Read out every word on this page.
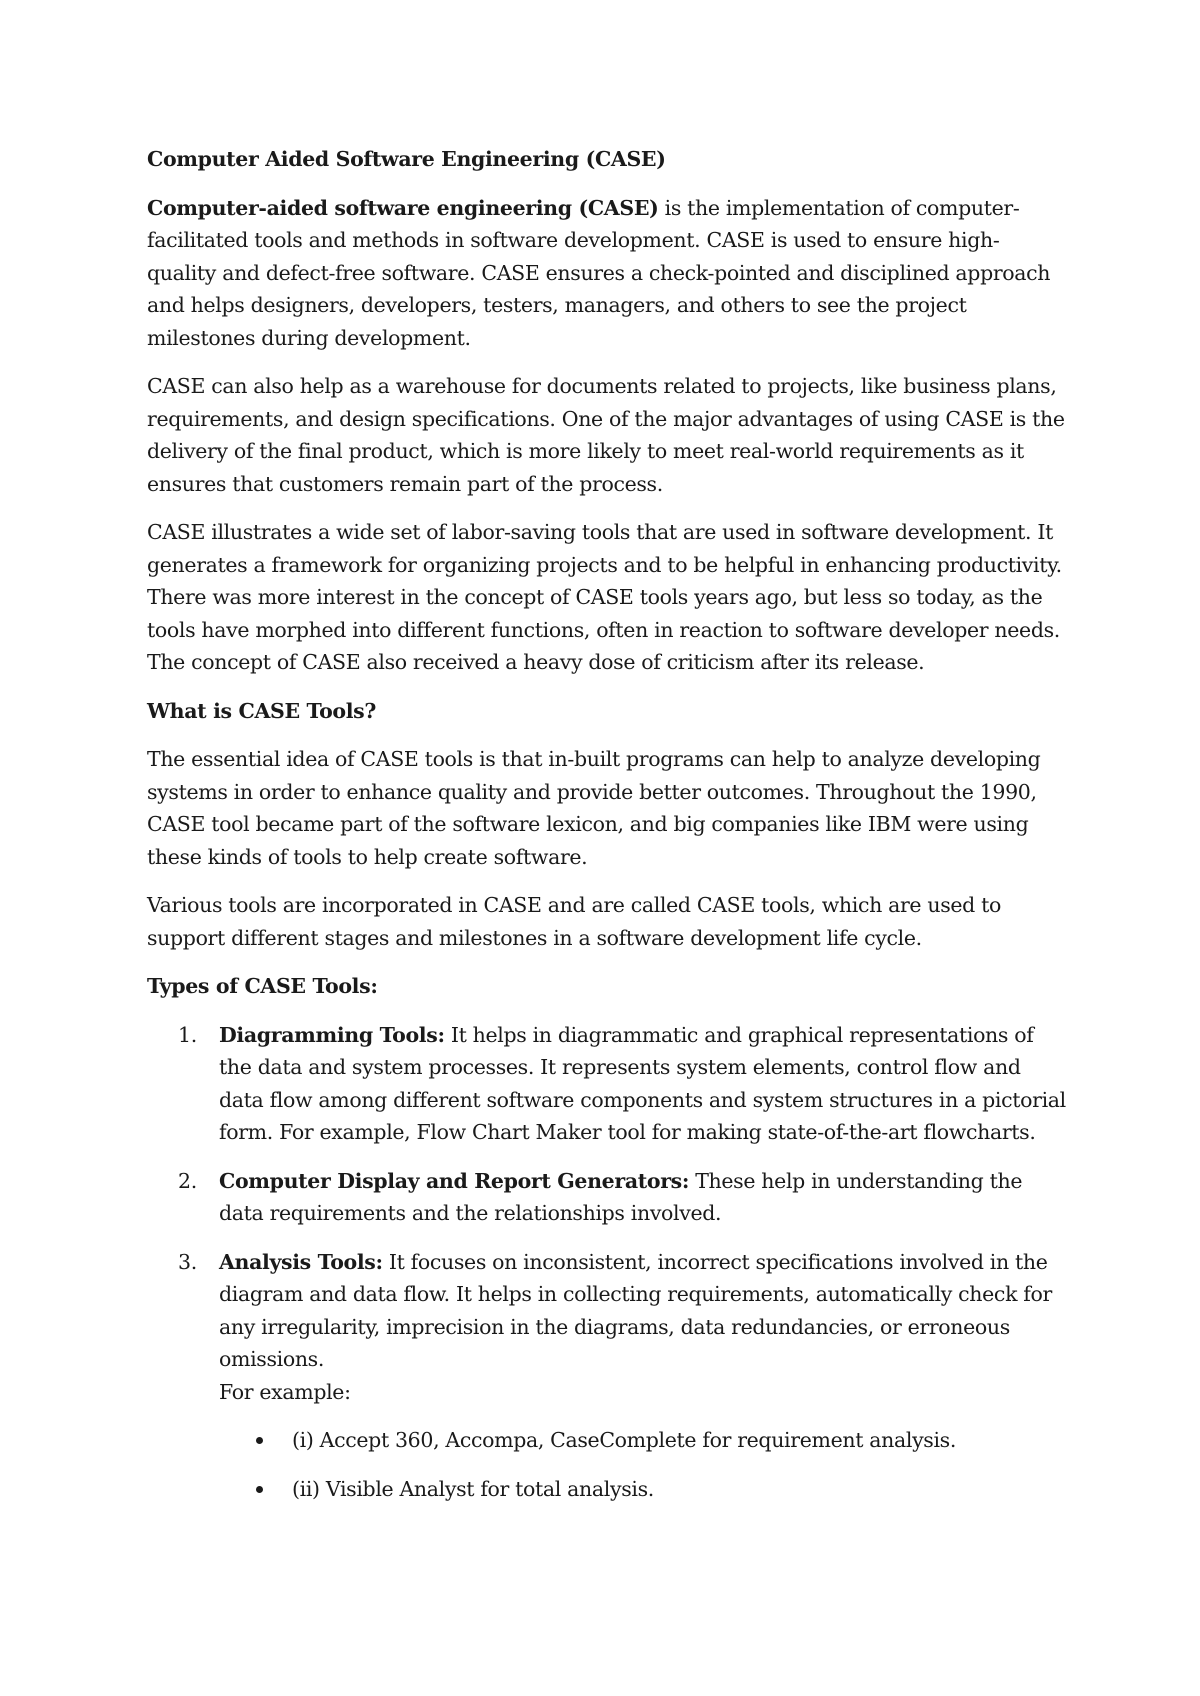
Computer Aided Software Engineering (CASE)

Computer-aided software engineering (CASE) is the implementation of computer-facilitated tools and methods in software development. CASE is used to ensure high-quality and defect-free software. CASE ensures a check-pointed and disciplined approach and helps designers, developers, testers, managers, and others to see the project milestones during development.

CASE can also help as a warehouse for documents related to projects, like business plans, requirements, and design specifications. One of the major advantages of using CASE is the delivery of the final product, which is more likely to meet real-world requirements as it ensures that customers remain part of the process.

CASE illustrates a wide set of labor-saving tools that are used in software development. It generates a framework for organizing projects and to be helpful in enhancing productivity. There was more interest in the concept of CASE tools years ago, but less so today, as the tools have morphed into different functions, often in reaction to software developer needs. The concept of CASE also received a heavy dose of criticism after its release.

What is CASE Tools?

The essential idea of CASE tools is that in-built programs can help to analyze developing systems in order to enhance quality and provide better outcomes. Throughout the 1990, CASE tool became part of the software lexicon, and big companies like IBM were using these kinds of tools to help create software.

Various tools are incorporated in CASE and are called CASE tools, which are used to support different stages and milestones in a software development life cycle.

Types of CASE Tools:
1. Diagramming Tools: It helps in diagrammatic and graphical representations of the data and system processes. It represents system elements, control flow and data flow among different software components and system structures in a pictorial form. For example, Flow Chart Maker tool for making state-of-the-art flowcharts.
2. Computer Display and Report Generators: These help in understanding the data requirements and the relationships involved.
3. Analysis Tools: It focuses on inconsistent, incorrect specifications involved in the diagram and data flow. It helps in collecting requirements, automatically check for any irregularity, imprecision in the diagrams, data redundancies, or erroneous omissions.
For example:
(i) Accept 360, Accompa, CaseComplete for requirement analysis.
(ii) Visible Analyst for total analysis.
